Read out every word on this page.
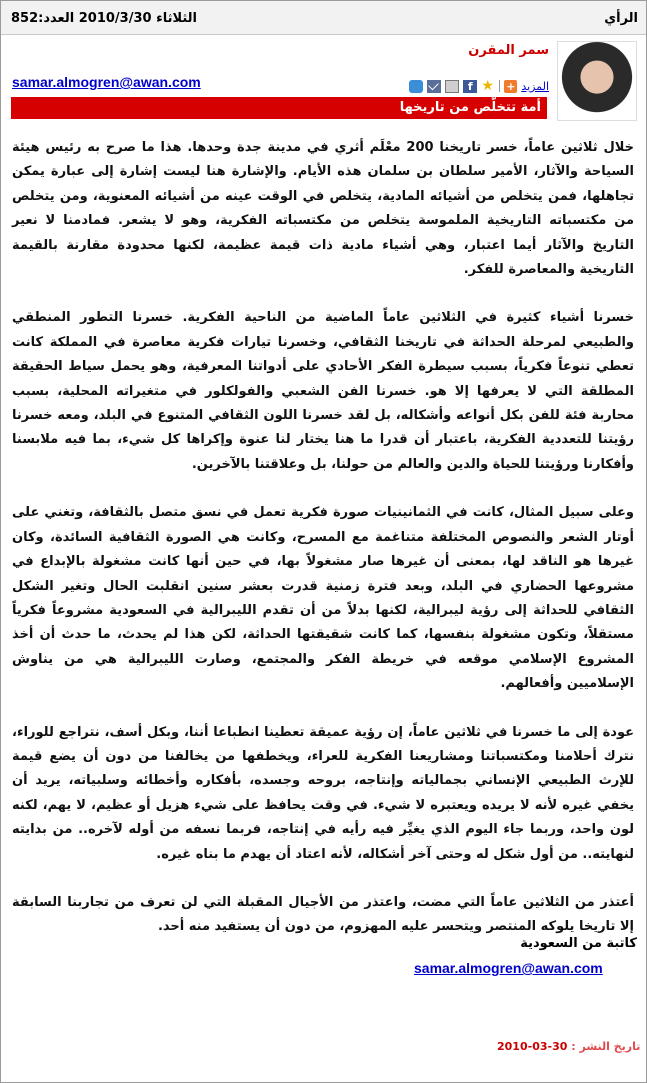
الرأي
الثلاثاء 2010/3/30 العدد:852
سمر المقرن
samar.almogren@awan.com	المزيد
+
★
f
أمة تتخلّص من تاريخها

خلال ثلاثين عاماً، خسر تاريخنا 200 معْلَم أثري في مدينة جدة وحدها. هذا ما صرح به رئيس هيئة السياحة والآثار، الأمير سلطان بن سلمان هذه الأيام. والإشارة هنا ليست إشارة إلى عبارة يمكن تجاهلها، فمن يتخلص من أشيائه المادية، يتخلص في الوقت عينه من أشيائه المعنوية، ومن يتخلص من مكتسباته التاريخية الملموسة يتخلص من مكتسباته الفكرية، وهو لا يشعر. فمادمنا لا نعير التاريخ والآثار أيما اعتبار، وهي أشياء مادية ذات قيمة عظيمة، لكنها محدودة مقارنة بالقيمة التاريخية والمعاصرة للفكر.

خسرنا أشياء كثيرة في الثلاثين عاماً الماضية من الناحية الفكرية. خسرنا التطور المنطقي والطبيعي لمرحلة الحداثة في تاريخنا الثقافي، وخسرنا تيارات فكرية معاصرة في المملكة كانت تعطي تنوعاً فكرياً، بسبب سيطرة الفكر الأحادي على أدواتنا المعرفية، وهو يحمل سياط الحقيقة المطلقة التي لا يعرفها إلا هو. خسرنا الفن الشعبي والفولكلور في متغيراته المحلية، بسبب محاربة فئة للفن بكل أنواعه وأشكاله، بل لقد خسرنا اللون الثقافي المتنوع في البلد، ومعه خسرنا رؤيتنا للتعددية الفكرية، باعتبار أن قدرا ما هنا يختار لنا عنوة وإكراها كل شيء، بما فيه ملابسنا وأفكارنا ورؤيتنا للحياة والدين والعالم من حولنا، بل وعلاقتنا بالآخرين.

وعلى سبيل المثال، كانت في الثمانينيات صورة فكرية تعمل في نسق متصل بالثقافة، وتغني على أوتار الشعر والنصوص المختلفة متناغمة مع المسرح، وكانت هي الصورة الثقافية السائدة، وكان غيرها هو الناقد لها، بمعنى أن غيرها صار مشغولاً بها، في حين أنها كانت مشغولة بالإبداع في مشروعها الحضاري في البلد، وبعد فترة زمنية قدرت بعشر سنين انقلبت الحال وتغير الشكل الثقافي للحداثة إلى رؤية ليبرالية، لكنها بدلاً من أن تقدم الليبرالية في السعودية مشروعاً فكرياً مستقلاً، وتكون مشغولة بنفسها، كما كانت شقيقتها الحداثة، لكن هذا لم يحدث، ما حدث أن أخذ المشروع الإسلامي موقعه في خريطة الفكر والمجتمع، وصارت الليبرالية هي من يناوش الإسلاميين وأفعالهم.

عودة إلى ما خسرنا في ثلاثين عاماً، إن رؤية عميقة تعطينا انطباعا أننا، وبكل أسف، نتراجع للوراء، نترك أحلامنا ومكتسباتنا ومشاريعنا الفكرية للعراء، ويخطفها من يخالفنا من دون أن يضع قيمة للإرث الطبيعي الإنساني بجمالياته وإنتاجه، بروحه وجسده، بأفكاره وأخطائه وسلبياته، يريد أن يخفي غيره لأنه لا يريده ويعتبره لا شيء. في وقت يحافظ على شيء هزيل أو عظيم، لا يهم، لكنه لون واحد، وربما جاء اليوم الذي يغيِّر فيه رأيه في إنتاجه، فربما نسفه من أوله لآخره.. من بدايته لنهايته.. من أول شكل له وحتى آخر أشكاله، لأنه اعتاد أن يهدم ما بناه غيره.

أعتذر من الثلاثين عاماً التي مضت، واعتذر من الأجيال المقبلة التي لن تعرف من تجاربنا السابقة إلا تاريخا يلوكه المنتصر ويتحسر عليه المهزوم، من دون أن يستفيد منه أحد.

كاتبة من السعودية
samar.almogren@awan.com
تاريخ النشر : 30-03-2010
